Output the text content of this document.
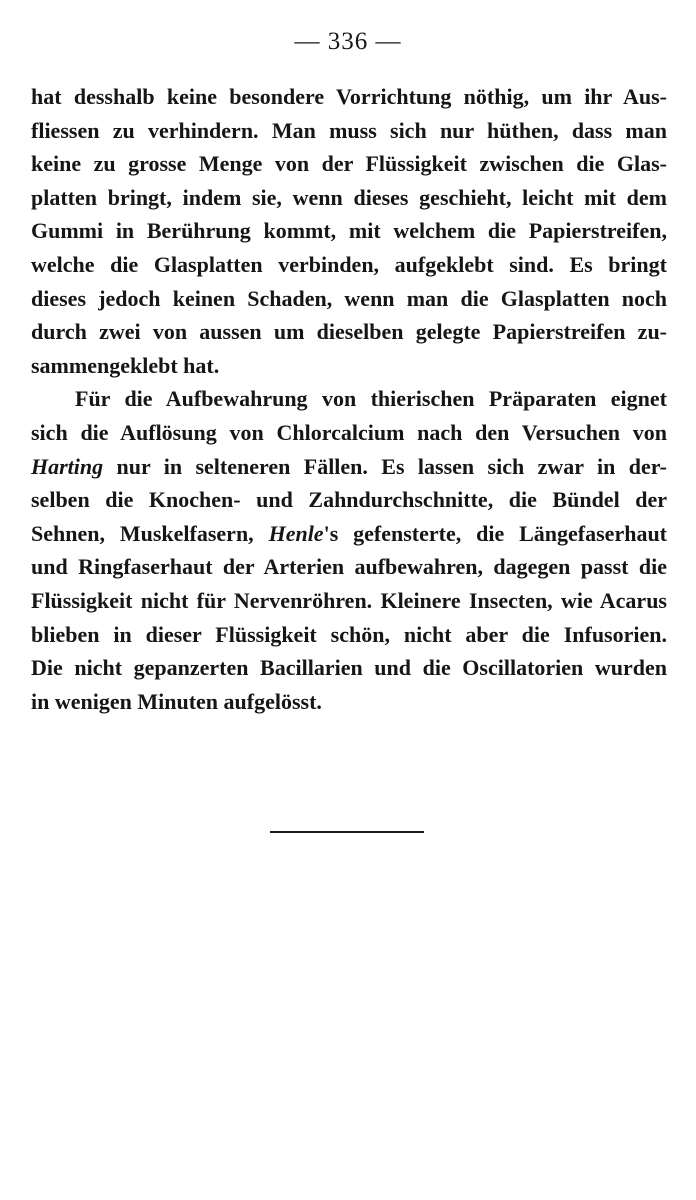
— 336 —
hat desshalb keine besondere Vorrichtung nöthig, um ihr Aus-
fliessen zu verhindern. Man muss sich nur hüthen, dass man
keine zu grosse Menge von der Flüssigkeit zwischen die Glas-
platten bringt, indem sie, wenn dieses geschieht, leicht mit dem
Gummi in Berührung kommt, mit welchem die Papierstreifen,
welche die Glasplatten verbinden, aufgeklebt sind. Es bringt
dieses jedoch keinen Schaden, wenn man die Glasplatten noch
durch zwei von aussen um dieselben gelegte Papierstreifen zu-
sammengeklebt hat.
Für die Aufbewahrung von thierischen Präparaten eignet
sich die Auflösung von Chlorcalcium nach den Versuchen von
Harting nur in selteneren Fällen. Es lassen sich zwar in der-
selben die Knochen- und Zahndurchschnitte, die Bündel der
Sehnen, Muskelfasern, Henle's gefensterte, die Längefaserhaut
und Ringfaserhaut der Arterien aufbewahren, dagegen passt die
Flüssigkeit nicht für Nervenröhren. Kleinere Insecten, wie Acarus
blieben in dieser Flüssigkeit schön, nicht aber die Infusorien.
Die nicht gepanzerten Bacillarien und die Oscillatorien wurden
in wenigen Minuten aufgelösst.
